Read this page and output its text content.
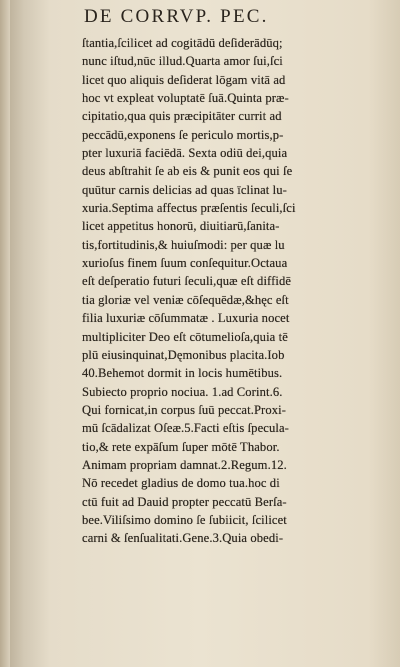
DE CORRVP. PEC.
ſtantia,ſcilicet ad cogitādū deſiderādūq;
nunc iſtud,nūc illud.Quarta amor ſui,ſci
licet quo aliquis deſiderat lōgam vitā ad
hoc vt expleat voluptatē ſuā.Quinta præ-
cipitatio,qua quis præcipitāter currit ad
peccādū,exponens ſe periculo mortis,p-
pter luxuriā faciēdā. Sexta odiū dei,quia
deus abſtrahit ſe ab eis & punit eos qui ſe
quūtur carnis delicias ad quas īclinat lu-
xuria.Septima affectus præſentis ſeculi,ſci
licet appetitus honorū, diuitiarū,ſanita-
tis,fortitudinis,& huiuſmodi: per quæ lu
xurioſus finem ſuum conſequitur.Octaua
eſt deſperatio futuri ſeculi,quæ eſt diffidē
tia gloriæ vel veniæ cōſequēdæ,&hęc eſt
filia luxuriæ cōſummatæ . Luxuria nocet
multipliciter Deo eſt cōtumelioſa,quia tē
plū eiusinquinat,Dęmonibus placita.Iob
40.Behemot dormit in locis humētibus.
Subiecto proprio nociua. 1.ad Corint.6.
Qui fornicat,in corpus ſuū peccat.Proxi-
mū ſcādalizat Oſeæ.5.Facti eſtis ſpecula-
tio,& rete expāſum ſuper mōtē Thabor.
Animam propriam damnat.2.Regum.12.
Nō recedet gladius de domo tua.hoc di
ctū fuit ad Dauid propter peccatū Berſa-
bee.Viliſsimo domino ſe ſubiicit, ſcilicet
carni & ſenſualitati.Gene.3.Quia obedi-
